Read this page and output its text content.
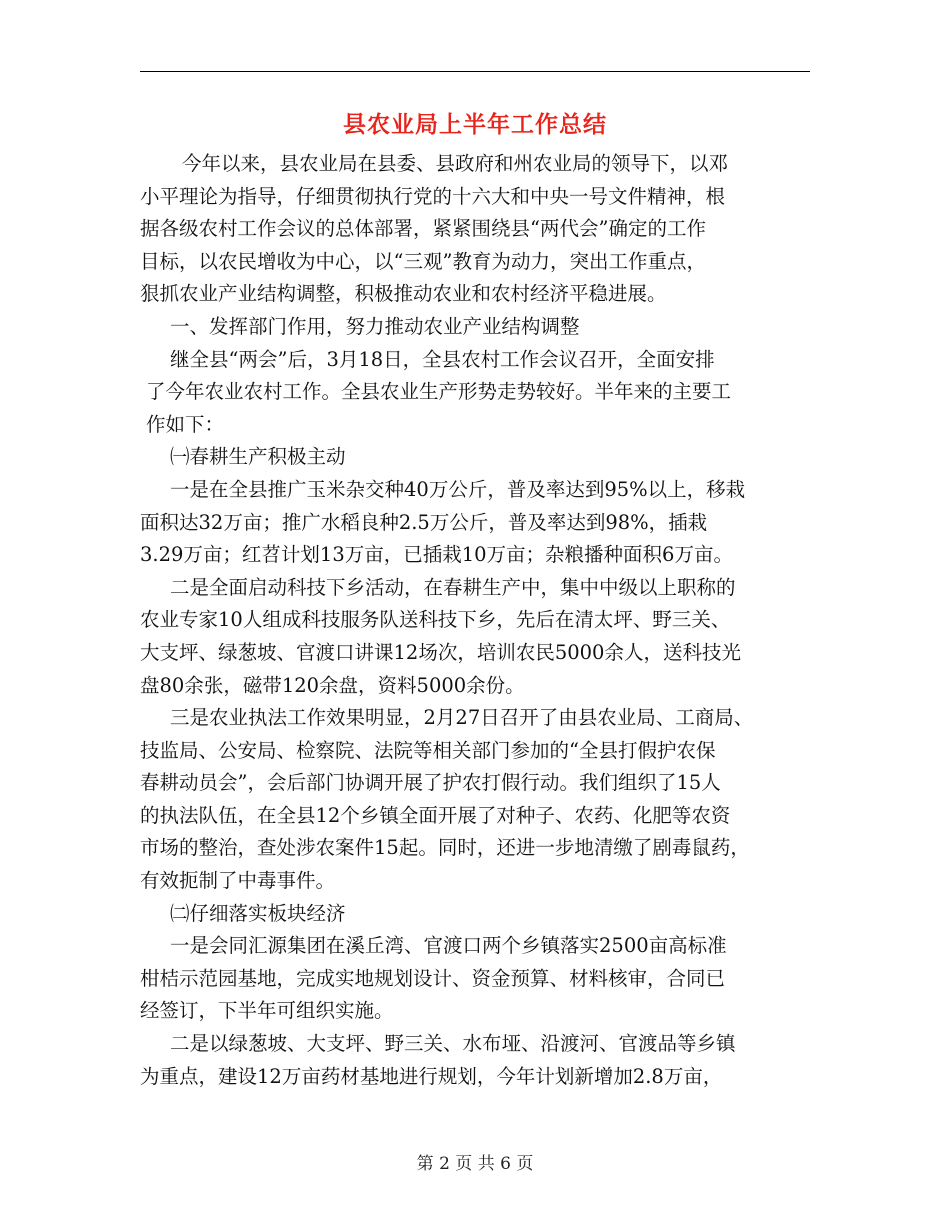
县农业局上半年工作总结
今年以来，县农业局在县委、县政府和州农业局的领导下，以邓
小平理论为指导，仔细贯彻执行党的十六大和中央一号文件精神，根
据各级农村工作会议的总体部署，紧紧围绕县“两代会”确定的工作
目标，以农民增收为中心，以“三观”教育为动力，突出工作重点，
狠抓农业产业结构调整，积极推动农业和农村经济平稳进展。
一、发挥部门作用，努力推动农业产业结构调整
继全县“两会”后，3月18日，全县农村工作会议召开，全面安排
了今年农业农村工作。全县农业生产形势走势较好。半年来的主要工
作如下：
㈠春耕生产积极主动
一是在全县推广玉米杂交种40万公斤，普及率达到95%以上，移栽
面积达32万亩；推广水稻良种2.5万公斤，普及率达到98%，插栽
3.29万亩；红苕计划13万亩，已插栽10万亩；杂粮播种面积6万亩。
二是全面启动科技下乡活动，在春耕生产中，集中中级以上职称的
农业专家10人组成科技服务队送科技下乡，先后在清太坪、野三关、
大支坪、绿葱坡、官渡口讲课12场次，培训农民5000余人，送科技光
盘80余张，磁带120余盘，资料5000余份。
三是农业执法工作效果明显，2月27日召开了由县农业局、工商局、
技监局、公安局、检察院、法院等相关部门参加的“全县打假护农保
春耕动员会”，会后部门协调开展了护农打假行动。我们组织了15人
的执法队伍，在全县12个乡镇全面开展了对种子、农药、化肥等农资
市场的整治，查处涉农案件15起。同时，还进一步地清缴了剧毒鼠药，
有效扼制了中毒事件。
㈡仔细落实板块经济
一是会同汇源集团在溪丘湾、官渡口两个乡镇落实2500亩高标准
柑桔示范园基地，完成实地规划设计、资金预算、材料核审，合同已
经签订，下半年可组织实施。
二是以绿葱坡、大支坪、野三关、水布垭、沿渡河、官渡品等乡镇
为重点，建设12万亩药材基地进行规划，今年计划新增加2.8万亩，
第 2 页 共 6 页
